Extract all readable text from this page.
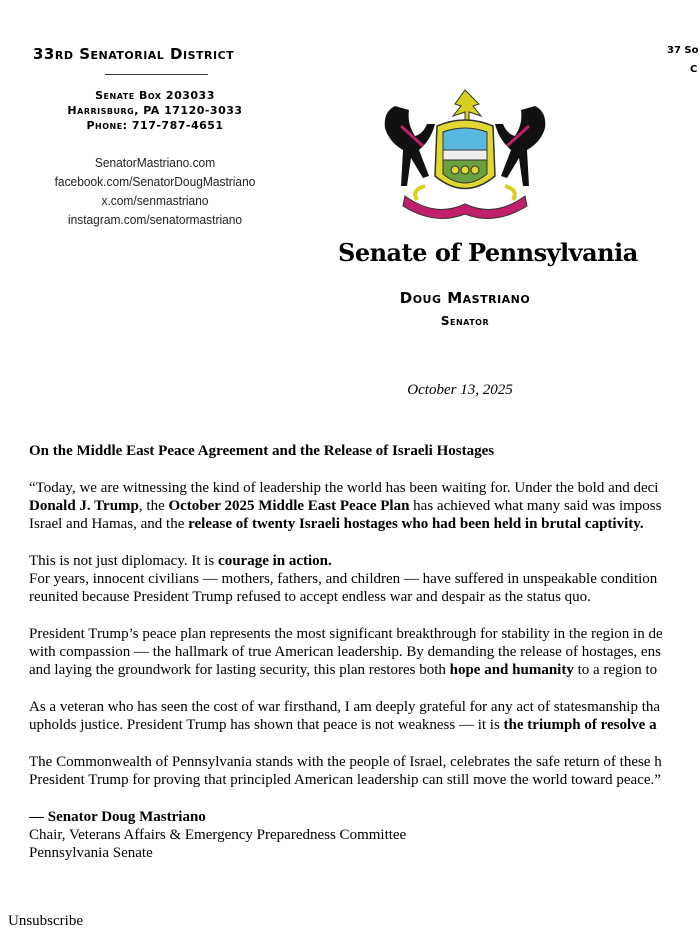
33rd Senatorial District
Senate Box 203033
Harrisburg, PA 17120-3033
Phone: 717-787-4651
SenatorMastriano.com
facebook.com/SenatorDougMastriano
x.com/senmastriano
instagram.com/senatormastriano
37 So
C
Senate of Pennsylvania
Doug Mastriano
Senator
October 13, 2025
On the Middle East Peace Agreement and the Release of Israeli Hostages
“Today, we are witnessing the kind of leadership the world has been waiting for. Under the bold and deci
Donald J. Trump, the October 2025 Middle East Peace Plan has achieved what many said was imposs
Israel and Hamas, and the release of twenty Israeli hostages who had been held in brutal captivity.
This is not just diplomacy. It is courage in action.
For years, innocent civilians — mothers, fathers, and children — have suffered in unspeakable condition
reunited because President Trump refused to accept endless war and despair as the status quo.
President Trump’s peace plan represents the most significant breakthrough for stability in the region in de
with compassion — the hallmark of true American leadership. By demanding the release of hostages, ens
and laying the groundwork for lasting security, this plan restores both hope and humanity to a region to
As a veteran who has seen the cost of war firsthand, I am deeply grateful for any act of statesmanship tha
upholds justice. President Trump has shown that peace is not weakness — it is the triumph of resolve a
The Commonwealth of Pennsylvania stands with the people of Israel, celebrates the safe return of these h
President Trump for proving that principled American leadership can still move the world toward peace.”
— Senator Doug Mastriano
Chair, Veterans Affairs & Emergency Preparedness Committee
Pennsylvania Senate
Unsubscribe
